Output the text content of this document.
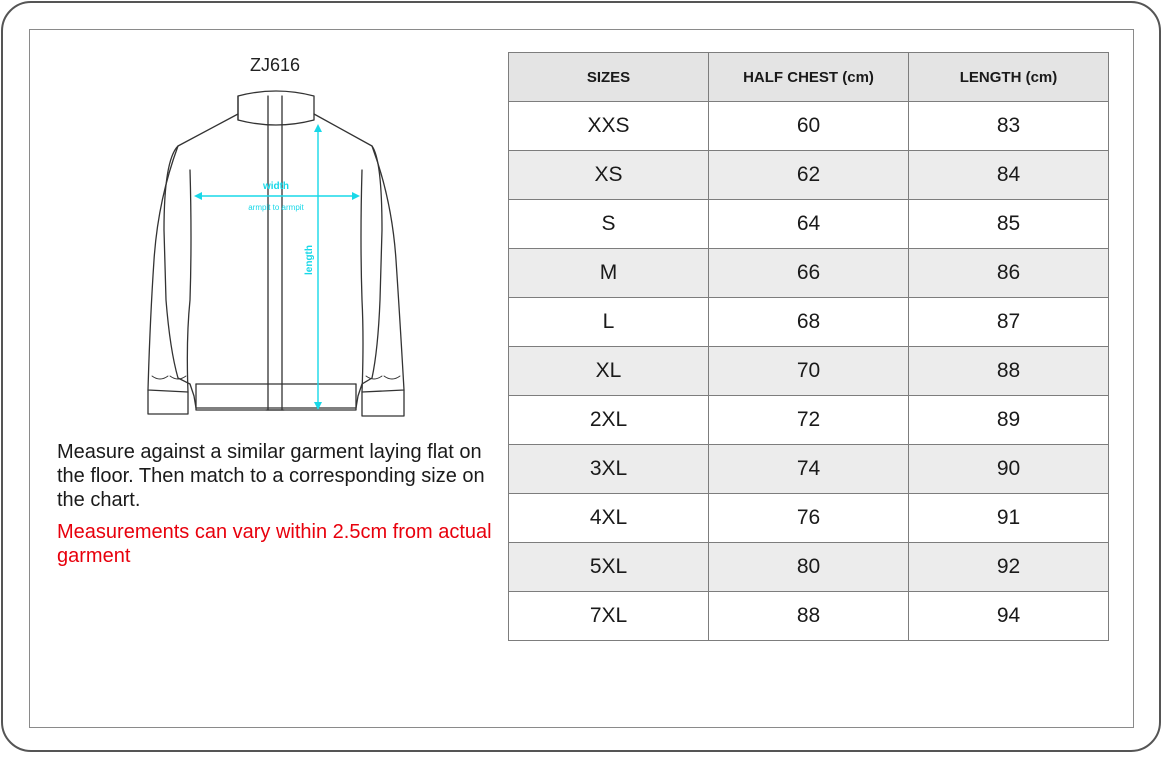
ZJ616
width
armpit to armpit
length

Measure against a similar garment laying flat on the floor. Then match to a corresponding size on the chart.

Measurements can vary within 2.5cm from actual garment

SIZES	HALF CHEST (cm)	LENGTH (cm)
XXS	60	83
XS	62	84
S	64	85
M	66	86
L	68	87
XL	70	88
2XL	72	89
3XL	74	90
4XL	76	91
5XL	80	92
7XL	88	94
